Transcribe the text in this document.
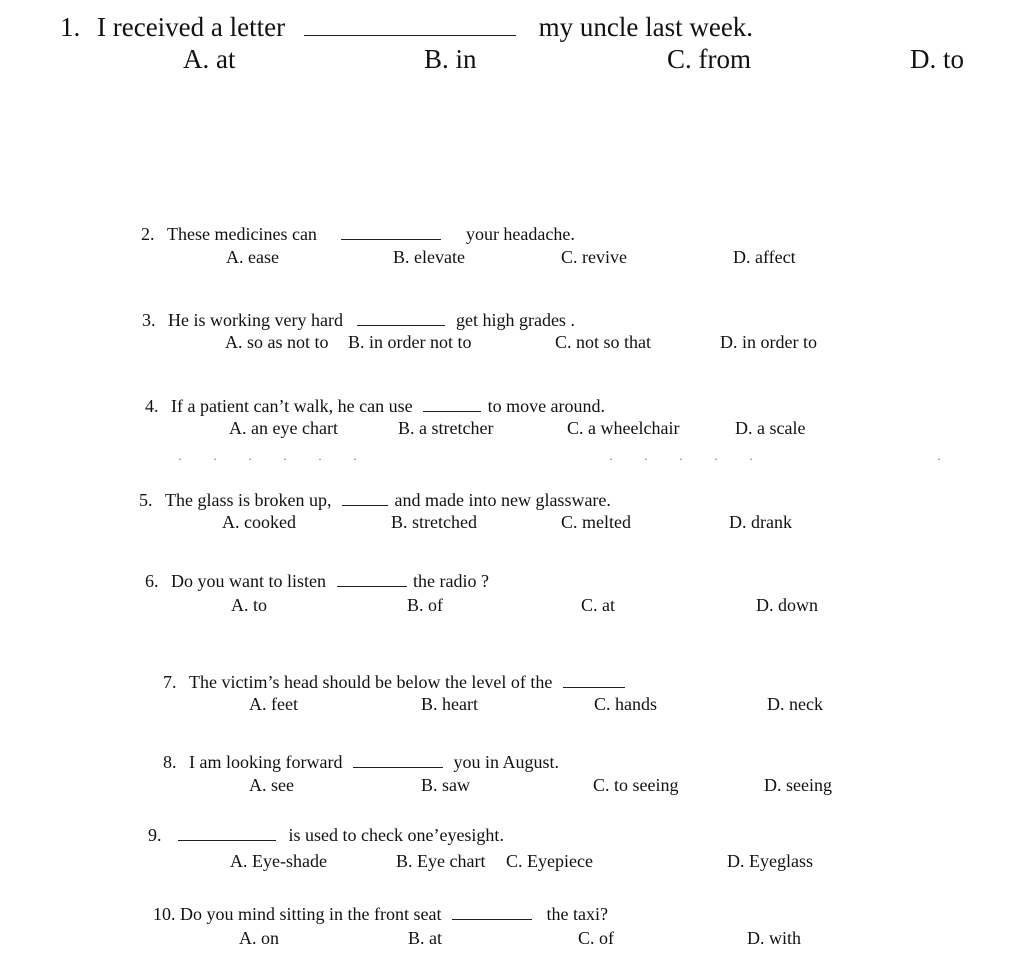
1. I received a letter	my uncle last week.
A. at	B. in	C. from	D. to
2. These medicines can	your headache.
A. ease	B. elevate	C. revive	D. affect
3. He is working very hard	get high grades .
A. so as not to B. in order not to	C. not so that	D. in order to
4. If a patient can’t walk, he can use	to move around.
A. an eye chart	B. a stretcher	C. a wheelchair	D. a scale
· · · · · ·              · · · · ·          ·
5. The glass is broken up,	and made into new glassware.
A. cooked	B. stretched	C. melted	D. drank
6. Do you want to listen	the radio ?
A. to	B. of	C. at	D. down
7. The victim’s head should be below the level of the
A. feet	B. heart	C. hands	D. neck
8. I am looking forward	you in August.
A. see	B. saw	C. to seeing	D. seeing
9.	is used to check one’eyesight.
A. Eye-shade	B. Eye chart C. Eyepiece	D. Eyeglass
10. Do you mind sitting in the front seat	the taxi?
A. on	B. at	C. of	D. with
